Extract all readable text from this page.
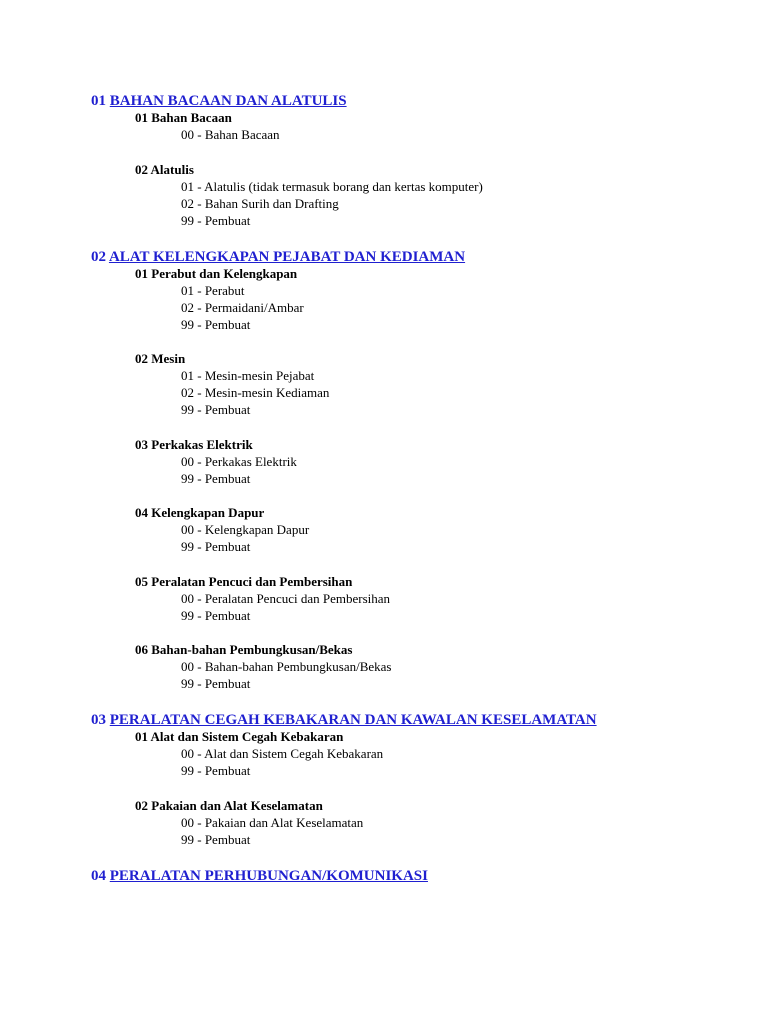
01 BAHAN BACAAN DAN ALATULIS
01 Bahan Bacaan
00 - Bahan Bacaan
02 Alatulis
01 - Alatulis (tidak termasuk borang dan kertas komputer)
02 - Bahan Surih dan Drafting
99 - Pembuat
02 ALAT KELENGKAPAN PEJABAT DAN KEDIAMAN
01 Perabut dan Kelengkapan
01 - Perabut
02 - Permaidani/Ambar
99 - Pembuat
02 Mesin
01 - Mesin-mesin Pejabat
02 - Mesin-mesin Kediaman
99 - Pembuat
03 Perkakas Elektrik
00 - Perkakas Elektrik
99 - Pembuat
04 Kelengkapan Dapur
00 - Kelengkapan Dapur
99 - Pembuat
05 Peralatan Pencuci dan Pembersihan
00 - Peralatan Pencuci dan Pembersihan
99 - Pembuat
06 Bahan-bahan Pembungkusan/Bekas
00 - Bahan-bahan Pembungkusan/Bekas
99 - Pembuat
03 PERALATAN CEGAH KEBAKARAN DAN KAWALAN KESELAMATAN
01 Alat dan Sistem Cegah Kebakaran
00 - Alat dan Sistem Cegah Kebakaran
99 - Pembuat
02 Pakaian dan Alat Keselamatan
00 - Pakaian dan Alat Keselamatan
99 - Pembuat
04 PERALATAN PERHUBUNGAN/KOMUNIKASI
